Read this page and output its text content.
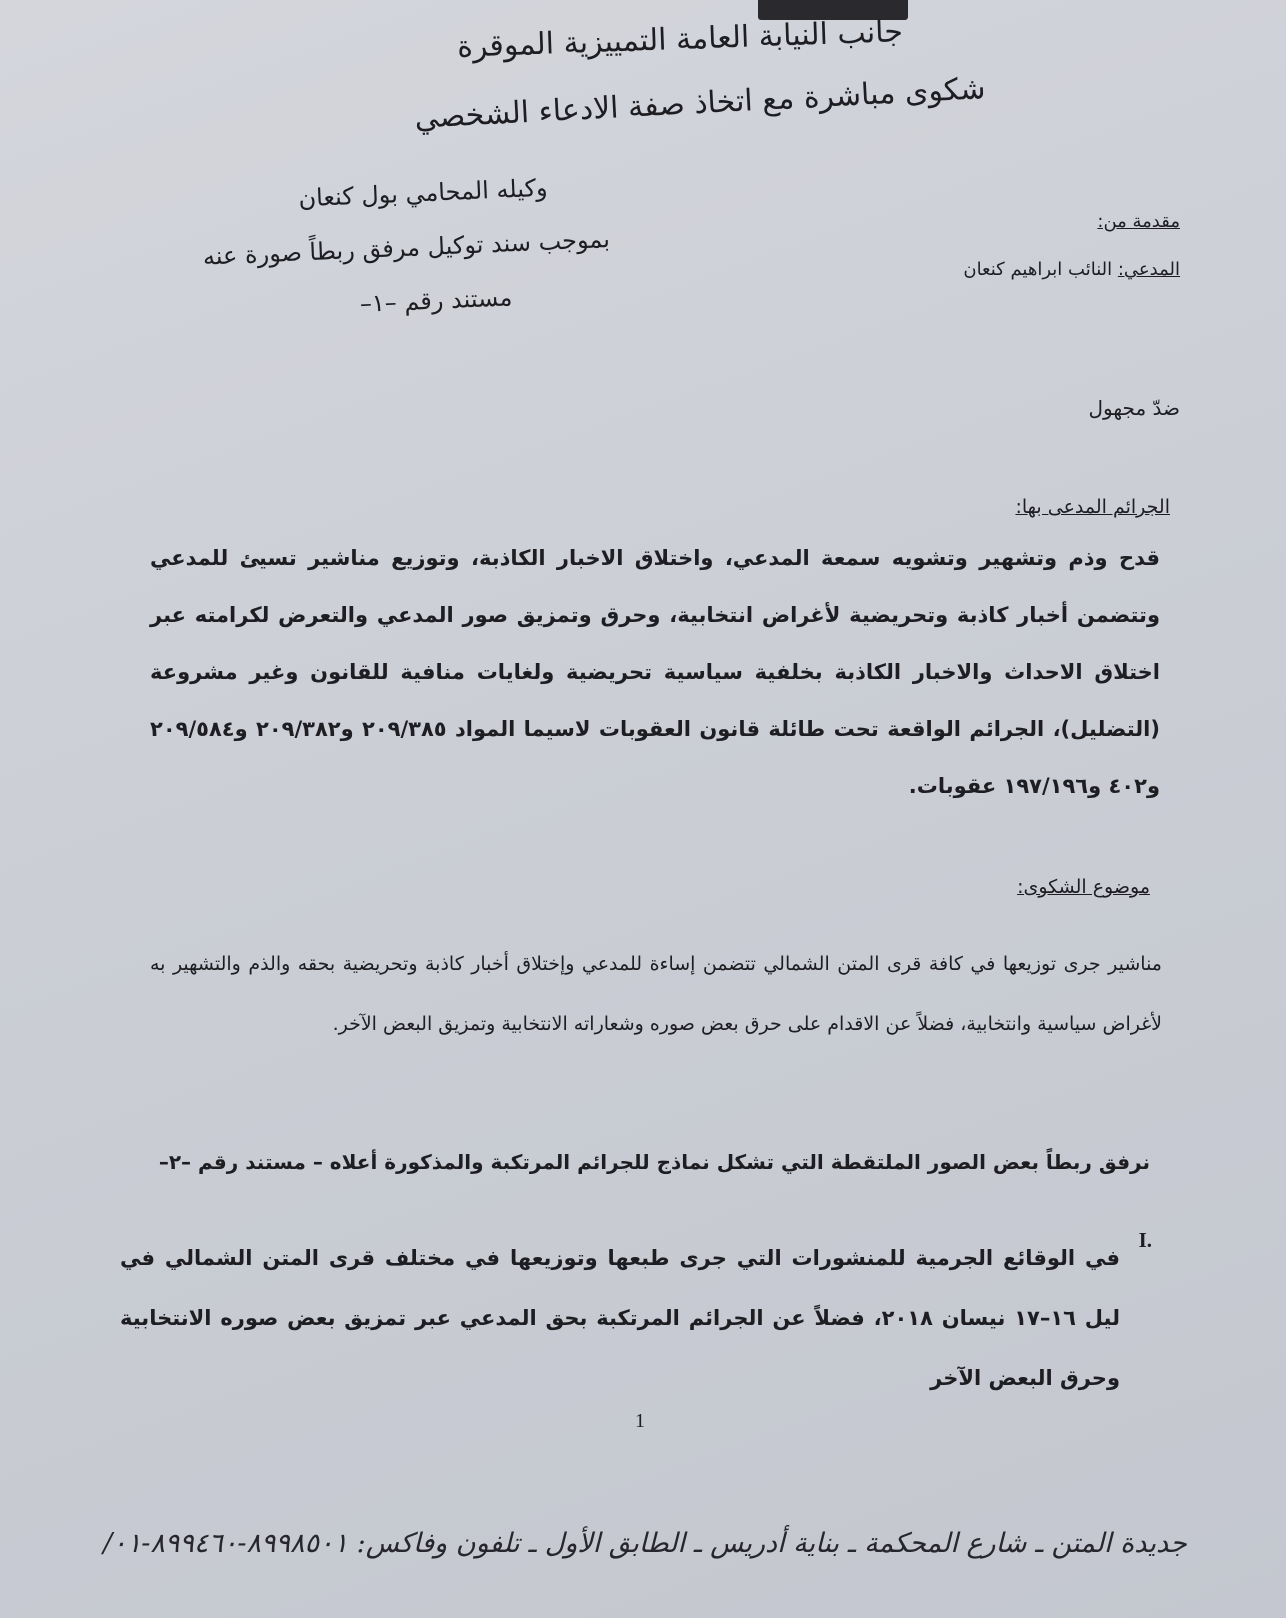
جانب النيابة العامة التمييزية الموقرة
شكوى مباشرة مع اتخاذ صفة الادعاء الشخصي
مقدمة من:
المدعي: النائب ابراهيم كنعان
وكيله المحامي بول كنعان
بموجب سند توكيل مرفق ربطاً صورة عنه
مستند رقم –١–
ضدّ مجهول
الجرائم المدعى بها:
قدح وذم وتشهير وتشويه سمعة المدعي، واختلاق الاخبار الكاذبة، وتوزيع مناشير تسيئ للمدعي وتتضمن أخبار كاذبة وتحريضية لأغراض انتخابية، وحرق وتمزيق صور المدعي والتعرض لكرامته عبر اختلاق الاحداث والاخبار الكاذبة بخلفية سياسية تحريضية ولغايات منافية للقانون وغير مشروعة (التضليل)، الجرائم الواقعة تحت طائلة قانون العقوبات لاسيما المواد ٢٠٩/٣٨٥ و٢٠٩/٣٨٢ و٢٠٩/٥٨٤ و٤٠٢ و١٩٧/١٩٦ عقوبات.
موضوع الشكوى:
مناشير جرى توزيعها في كافة قرى المتن الشمالي تتضمن إساءة للمدعي وإختلاق أخبار كاذبة وتحريضية بحقه والذم والتشهير به لأغراض سياسية وانتخابية، فضلاً عن الاقدام على حرق بعض صوره وشعاراته الانتخابية وتمزيق البعض الآخر.
نرفق ربطاً بعض الصور الملتقطة التي تشكل نماذج للجرائم المرتكبة والمذكورة أعلاه – مستند رقم –٢–
I.
في الوقائع الجرمية للمنشورات التي جرى طبعها وتوزيعها في مختلف قرى المتن الشمالي في ليل ١٦–١٧ نيسان ٢٠١٨، فضلاً عن الجرائم المرتكبة بحق المدعي عبر تمزيق بعض صوره الانتخابية وحرق البعض الآخر
1
جديدة المتن ـ شارع المحكمة ـ بناية أدريس ـ الطابق الأول ـ تلفون وفاكس: ٨٩٩٨٥٠١-٨٩٩٤٦٠-٠١/
